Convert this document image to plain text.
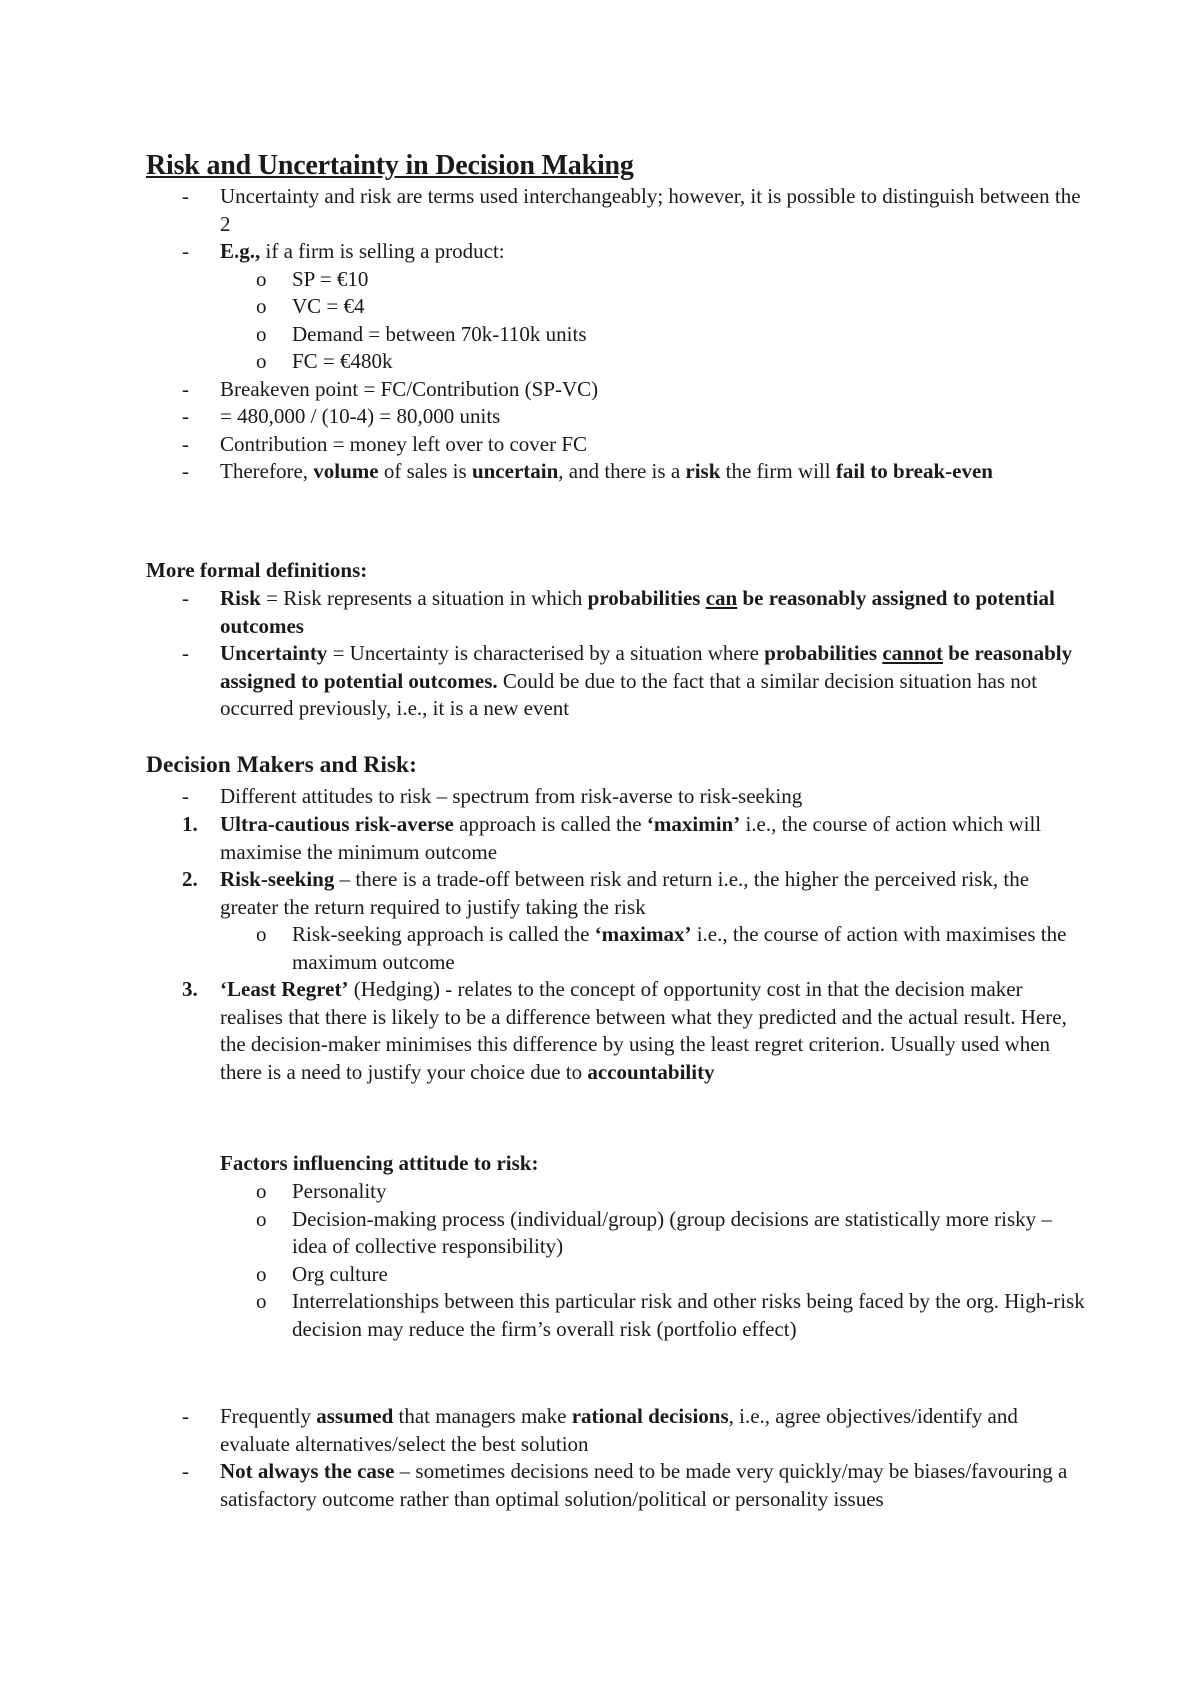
Risk and Uncertainty in Decision Making
- Uncertainty and risk are terms used interchangeably; however, it is possible to distinguish between the 2
- E.g., if a firm is selling a product:
o SP = €10
o VC = €4
o Demand = between 70k-110k units
o FC = €480k
- Breakeven point = FC/Contribution (SP-VC)
- = 480,000 / (10-4) = 80,000 units
- Contribution = money left over to cover FC
- Therefore, volume of sales is uncertain, and there is a risk the firm will fail to break-even

More formal definitions:

- Risk = Risk represents a situation in which probabilities can be reasonably assigned to potential outcomes
- Uncertainty = Uncertainty is characterised by a situation where probabilities cannot be reasonably assigned to potential outcomes. Could be due to the fact that a similar decision situation has not occurred previously, i.e., it is a new event

Decision Makers and Risk:

- Different attitudes to risk – spectrum from risk-averse to risk-seeking
1. Ultra-cautious risk-averse approach is called the ‘maximin’ i.e., the course of action which will maximise the minimum outcome
2. Risk-seeking – there is a trade-off between risk and return i.e., the higher the perceived risk, the greater the return required to justify taking the risk
o Risk-seeking approach is called the ‘maximax’ i.e., the course of action with maximises the maximum outcome
3. ‘Least Regret’ (Hedging) - relates to the concept of opportunity cost in that the decision maker realises that there is likely to be a difference between what they predicted and the actual result. Here, the decision-maker minimises this difference by using the least regret criterion. Usually used when there is a need to justify your choice due to accountability

Factors influencing attitude to risk:

o Personality
o Decision-making process (individual/group) (group decisions are statistically more risky – idea of collective responsibility)
o Org culture
o Interrelationships between this particular risk and other risks being faced by the org. High-risk decision may reduce the firm’s overall risk (portfolio effect)
- Frequently assumed that managers make rational decisions, i.e., agree objectives/identify and evaluate alternatives/select the best solution
- Not always the case – sometimes decisions need to be made very quickly/may be biases/favouring a satisfactory outcome rather than optimal solution/political or personality issues
